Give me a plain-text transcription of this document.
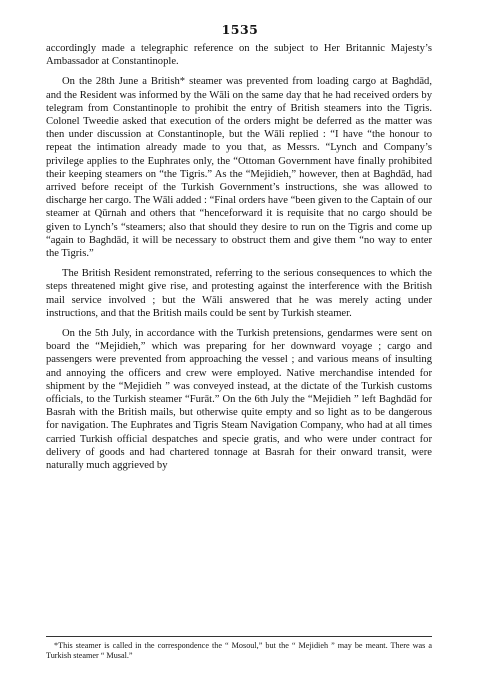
1535

accordingly made a telegraphic reference on the subject to Her Britannic Majesty’s Ambassador at Constantinople.

On the 28th June a British* steamer was prevented from loading cargo at Baghdād, and the Resident was informed by the Wāli on the same day that he had received orders by telegram from Constantinople to prohibit the entry of British steamers into the Tigris. Colonel Tweedie asked that execution of the orders might be deferred as the matter was then under discussion at Constantinople, but the Wāli replied : “I have “the honour to repeat the intimation already made to you that, as Messrs. “Lynch and Company’s privilege applies to the Euphrates only, the “Ottoman Government have finally prohibited their keeping steamers on “the Tigris.” As the “Mejidieh,” however, then at Baghdād, had arrived before receipt of the Turkish Government’s instructions, she was allowed to discharge her cargo. The Wāli added : “Final orders have “been given to the Captain of our steamer at Qūrnah and others that “henceforward it is requisite that no cargo should be given to Lynch’s “steamers; also that should they desire to run on the Tigris and come up “again to Baghdād, it will be necessary to obstruct them and give them “no way to enter the Tigris.”

The British Resident remonstrated, referring to the serious consequences to which the steps threatened might give rise, and protesting against the interference with the British mail service involved ; but the Wāli answered that he was merely acting under instructions, and that the British mails could be sent by Turkish steamer.

On the 5th July, in accordance with the Turkish pretensions, gendarmes were sent on board the “Mejidieh,” which was preparing for her downward voyage ; cargo and passengers were prevented from approaching the vessel ; and various means of insulting and annoying the officers and crew were employed. Native merchandise intended for shipment by the “Mejidieh ” was conveyed instead, at the dictate of the Turkish customs officials, to the Turkish steamer “Furāt.” On the 6th July the “Mejidieh ” left Baghdād for Basrah with the British mails, but otherwise quite empty and so light as to be dangerous for navigation. The Euphrates and Tigris Steam Navigation Company, who had at all times carried Turkish official despatches and specie gratis, and who were under contract for delivery of goods and had chartered tonnage at Basrah for their onward transit, were naturally much aggrieved by

*This steamer is called in the correspondence the “ Mosoul,” but the “ Mejidieh ” may be meant. There was a Turkish steamer “ Musal.”
